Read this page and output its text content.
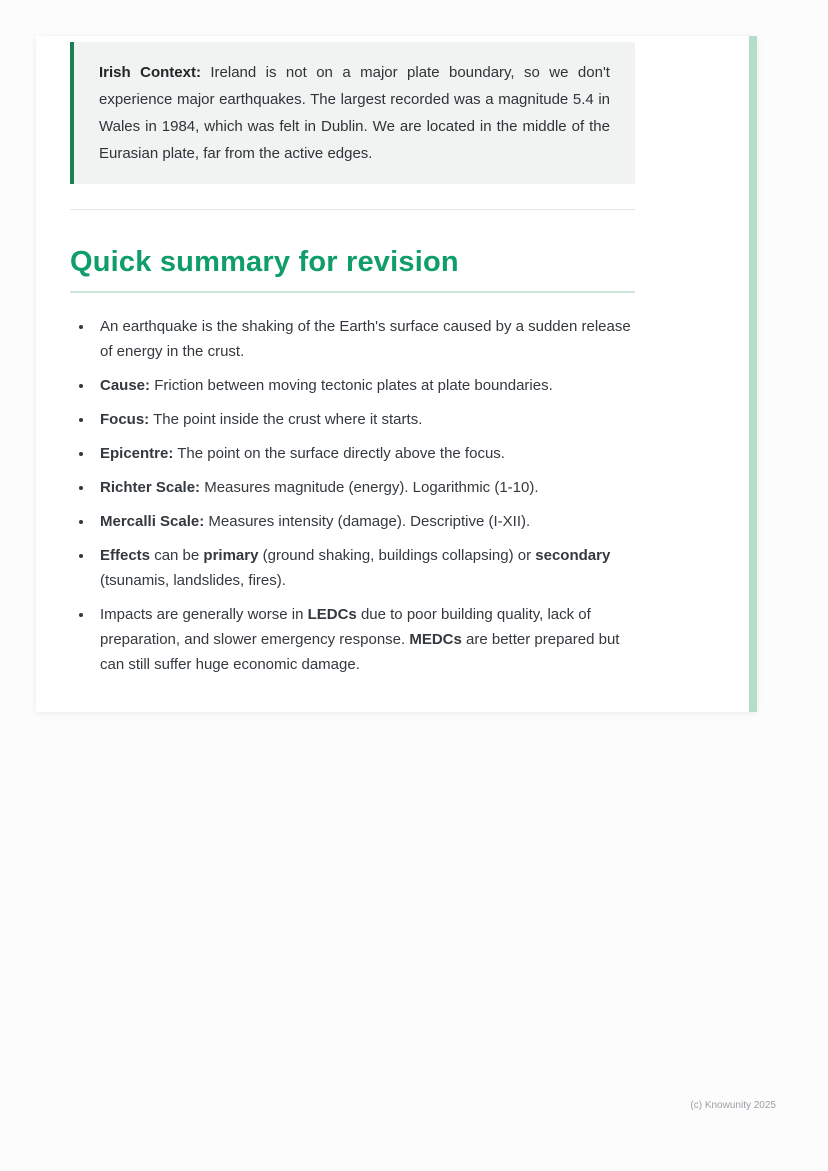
Irish Context: Ireland is not on a major plate boundary, so we don't experience major earthquakes. The largest recorded was a magnitude 5.4 in Wales in 1984, which was felt in Dublin. We are located in the middle of the Eurasian plate, far from the active edges.

Quick summary for revision
• An earthquake is the shaking of the Earth's surface caused by a sudden release of energy in the crust.
• Cause: Friction between moving tectonic plates at plate boundaries.
• Focus: The point inside the crust where it starts.
• Epicentre: The point on the surface directly above the focus.
• Richter Scale: Measures magnitude (energy). Logarithmic (1-10).
• Mercalli Scale: Measures intensity (damage). Descriptive (I-XII).
• Effects can be primary (ground shaking, buildings collapsing) or secondary (tsunamis, landslides, fires).
• Impacts are generally worse in LEDCs due to poor building quality, lack of preparation, and slower emergency response. MEDCs are better prepared but can still suffer huge economic damage.
(c) Knowunity 2025
